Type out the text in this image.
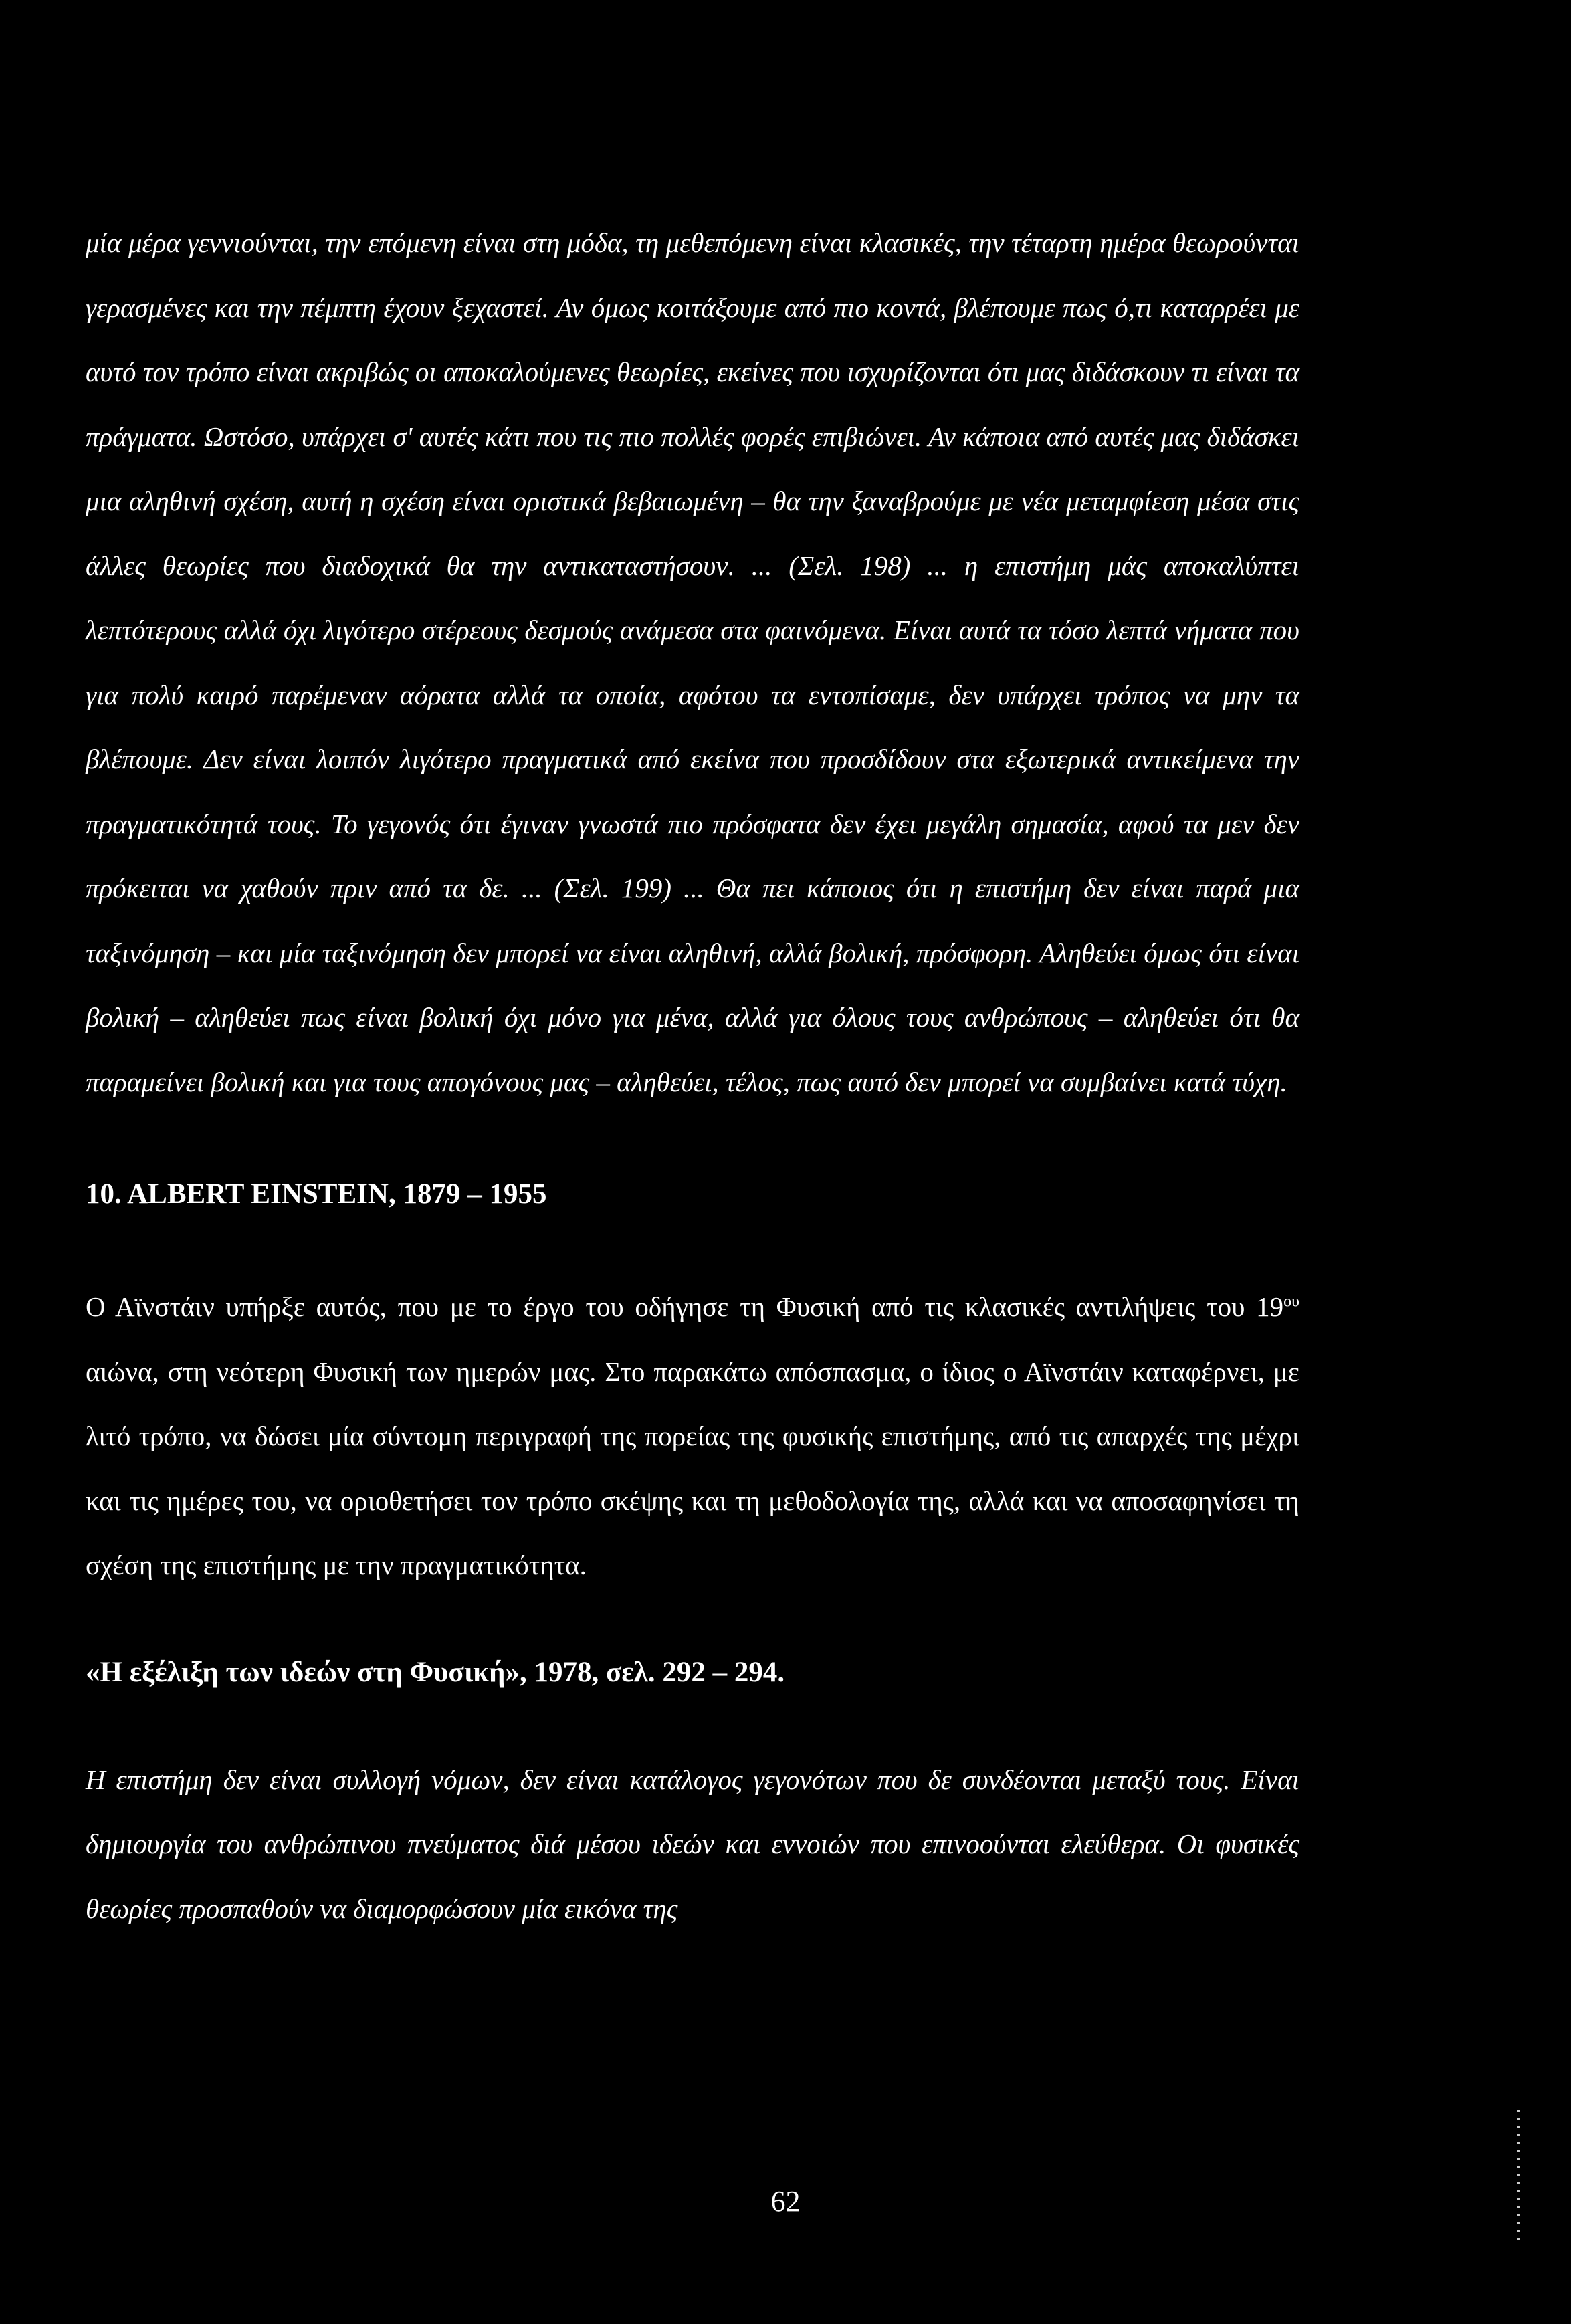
μία μέρα γεννιούνται, την επόμενη είναι στη μόδα, τη μεθεπόμενη είναι κλασικές, την τέταρτη ημέρα θεωρούνται γερασμένες και την πέμπτη έχουν ξεχαστεί. Αν όμως κοιτάξουμε από πιο κοντά, βλέπουμε πως ό,τι καταρρέει με αυτό τον τρόπο είναι ακριβώς οι αποκαλούμενες θεωρίες, εκείνες που ισχυρίζονται ότι μας διδάσκουν τι είναι τα πράγματα. Ωστόσο, υπάρχει σ' αυτές κάτι που τις πιο πολλές φορές επιβιώνει. Αν κάποια από αυτές μας διδάσκει μια αληθινή σχέση, αυτή η σχέση είναι οριστικά βεβαιωμένη – θα την ξαναβρούμε με νέα μεταμφίεση μέσα στις άλλες θεωρίες που διαδοχικά θα την αντικαταστήσουν. ... (Σελ. 198) ... η επιστήμη μάς αποκαλύπτει λεπτότερους αλλά όχι λιγότερο στέρεους δεσμούς ανάμεσα στα φαινόμενα. Είναι αυτά τα τόσο λεπτά νήματα που για πολύ καιρό παρέμεναν αόρατα αλλά τα οποία, αφότου τα εντοπίσαμε, δεν υπάρχει τρόπος να μην τα βλέπουμε. Δεν είναι λοιπόν λιγότερο πραγματικά από εκείνα που προσδίδουν στα εξωτερικά αντικείμενα την πραγματικότητά τους. Το γεγονός ότι έγιναν γνωστά πιο πρόσφατα δεν έχει μεγάλη σημασία, αφού τα μεν δεν πρόκειται να χαθούν πριν από τα δε. ... (Σελ. 199) ... Θα πει κάποιος ότι η επιστήμη δεν είναι παρά μια ταξινόμηση – και μία ταξινόμηση δεν μπορεί να είναι αληθινή, αλλά βολική, πρόσφορη. Αληθεύει όμως ότι είναι βολική – αληθεύει πως είναι βολική όχι μόνο για μένα, αλλά για όλους τους ανθρώπους – αληθεύει ότι θα παραμείνει βολική και για τους απογόνους μας – αληθεύει, τέλος, πως αυτό δεν μπορεί να συμβαίνει κατά τύχη.

10. ALBERT EINSTEIN, 1879 – 1955

Ο Αϊνστάιν υπήρξε αυτός, που με το έργο του οδήγησε τη Φυσική από τις κλασικές αντιλήψεις του $19^{o\upsilon}$ αιώνα, στη νεότερη Φυσική των ημερών μας. Στο παρακάτω απόσπασμα, ο ίδιος ο Αϊνστάιν καταφέρνει, με λιτό τρόπο, να δώσει μία σύντομη περιγραφή της πορείας της φυσικής επιστήμης, από τις απαρχές της μέχρι και τις ημέρες του, να οριοθετήσει τον τρόπο σκέψης και τη μεθοδολογία της, αλλά και να αποσαφηνίσει τη σχέση της επιστήμης με την πραγματικότητα.

«Η εξέλιξη των ιδεών στη Φυσική», 1978, σελ. 292 – 294.

Η επιστήμη δεν είναι συλλογή νόμων, δεν είναι κατάλογος γεγονότων που δε συνδέονται μεταξύ τους. Είναι δημιουργία του ανθρώπινου πνεύματος διά μέσου ιδεών και εννοιών που επινοούνται ελεύθερα. Οι φυσικές θεωρίες προσπαθούν να διαμορφώσουν μία εικόνα της

62
